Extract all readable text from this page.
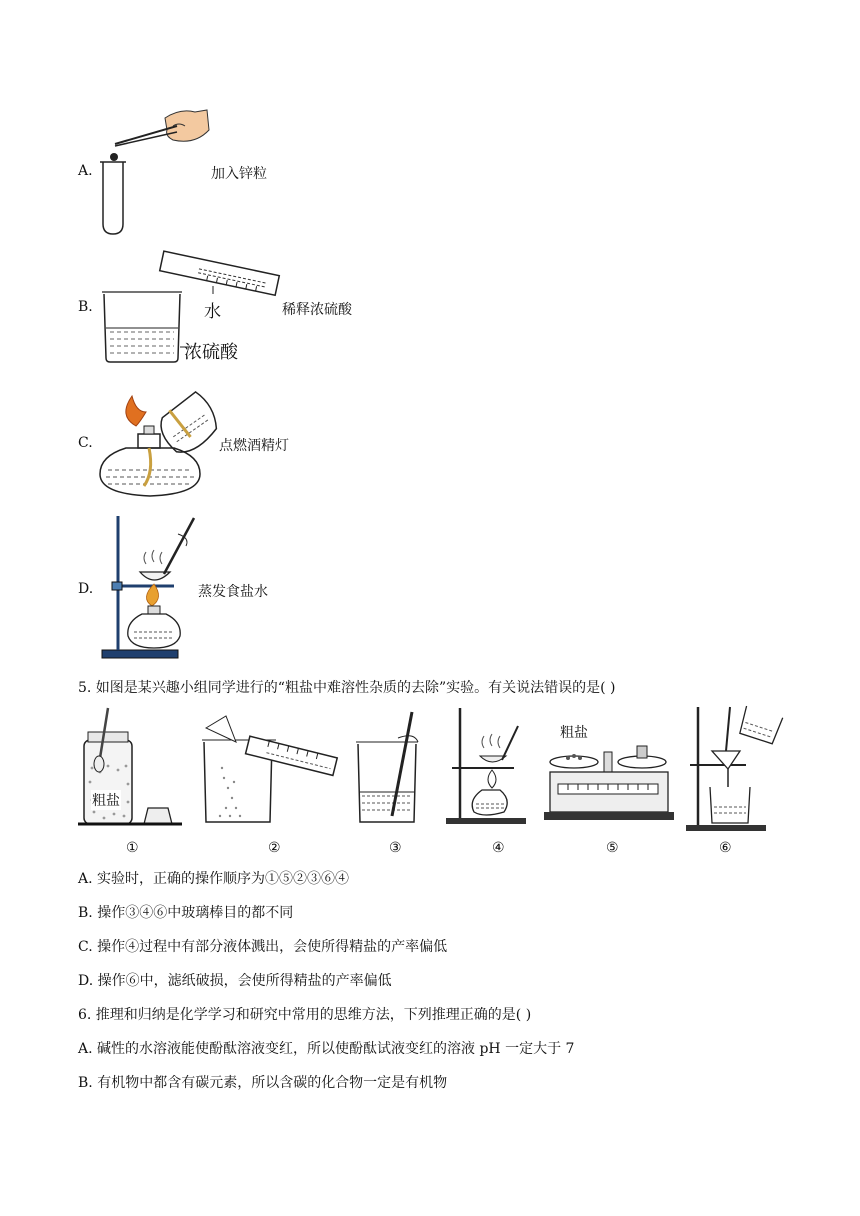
A.	加入锌粒
B.	水
浓硫酸
稀释浓硫酸
C.	点燃酒精灯
D.	蒸发食盐水
5. 如图是某兴趣小组同学进行的“粗盐中难溶性杂质的去除”实验。有关说法错误的是( )
粗盐
粗盐
①	②	③	④	⑤	⑥
A. 实验时，正确的操作顺序为①⑤②③⑥④
B. 操作③④⑥中玻璃棒目的都不同
C. 操作④过程中有部分液体溅出，会使所得精盐的产率偏低
D. 操作⑥中，滤纸破损，会使所得精盐的产率偏低
6. 推理和归纳是化学学习和研究中常用的思维方法，下列推理正确的是( )
A. 碱性的水溶液能使酚酞溶液变红，所以使酚酞试液变红的溶液 pH 一定大于 7
B. 有机物中都含有碳元素，所以含碳的化合物一定是有机物
